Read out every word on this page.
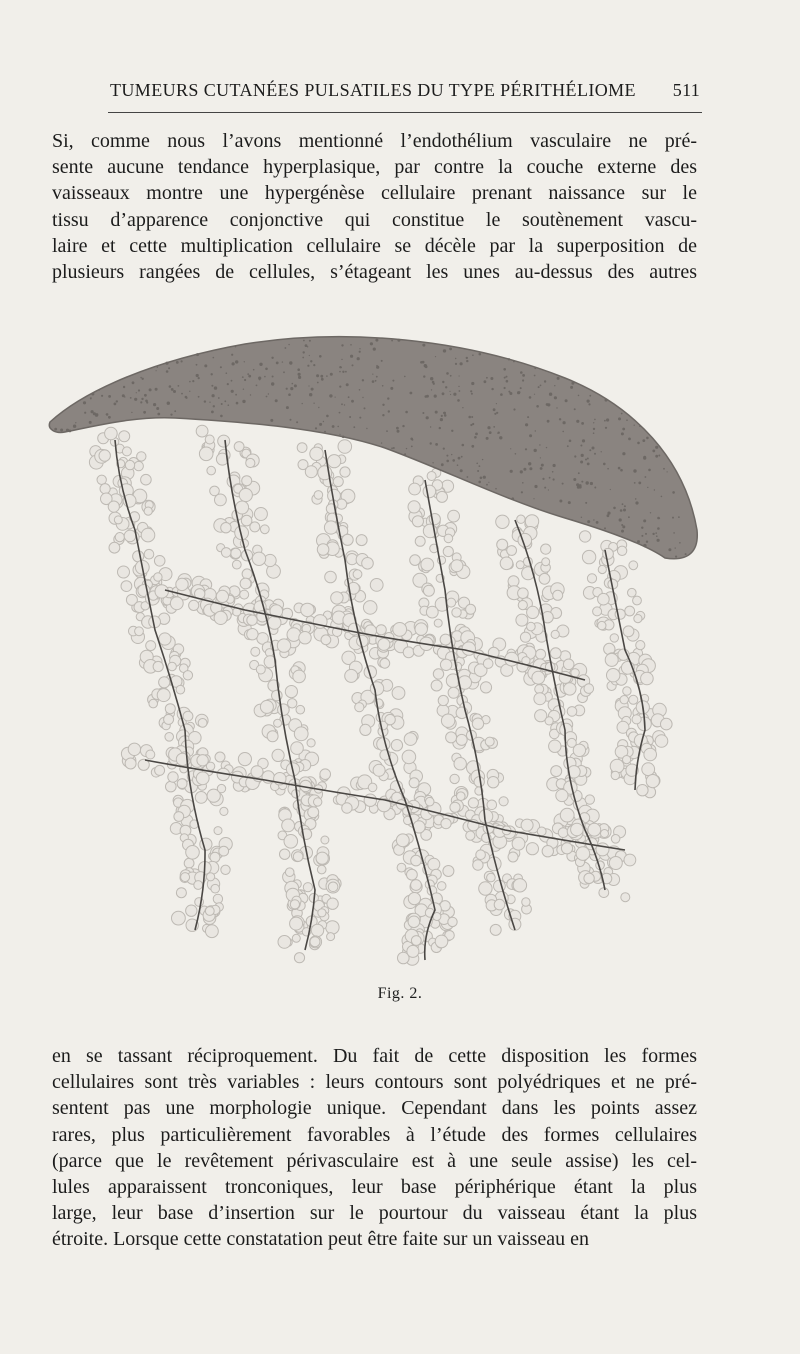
TUMEURS CUTANÉES PULSATILES DU TYPE PÉRITHÉLIOME 511
Si, comme nous l’avons mentionné l’endothélium vasculaire ne pré-
sente aucune tendance hyperplasique, par contre la couche externe des
vaisseaux montre une hypergénèse cellulaire prenant naissance sur le
tissu d’apparence conjonctive qui constitue le soutènement vascu-
laire et cette multiplication cellulaire se décèle par la superposition de
plusieurs rangées de cellules, s’étageant les unes au-dessus des autres
Fig. 2.
en se tassant réciproquement. Du fait de cette disposition les formes
cellulaires sont très variables : leurs contours sont polyédriques et ne pré-
sentent pas une morphologie unique. Cependant dans les points assez
rares, plus particulièrement favorables à l’étude des formes cellulaires
(parce que le revêtement périvasculaire est à une seule assise) les cel-
lules apparaissent tronconiques, leur base périphérique étant la plus
large, leur base d’insertion sur le pourtour du vaisseau étant la plus
étroite. Lorsque cette constatation peut être faite sur un vaisseau en
